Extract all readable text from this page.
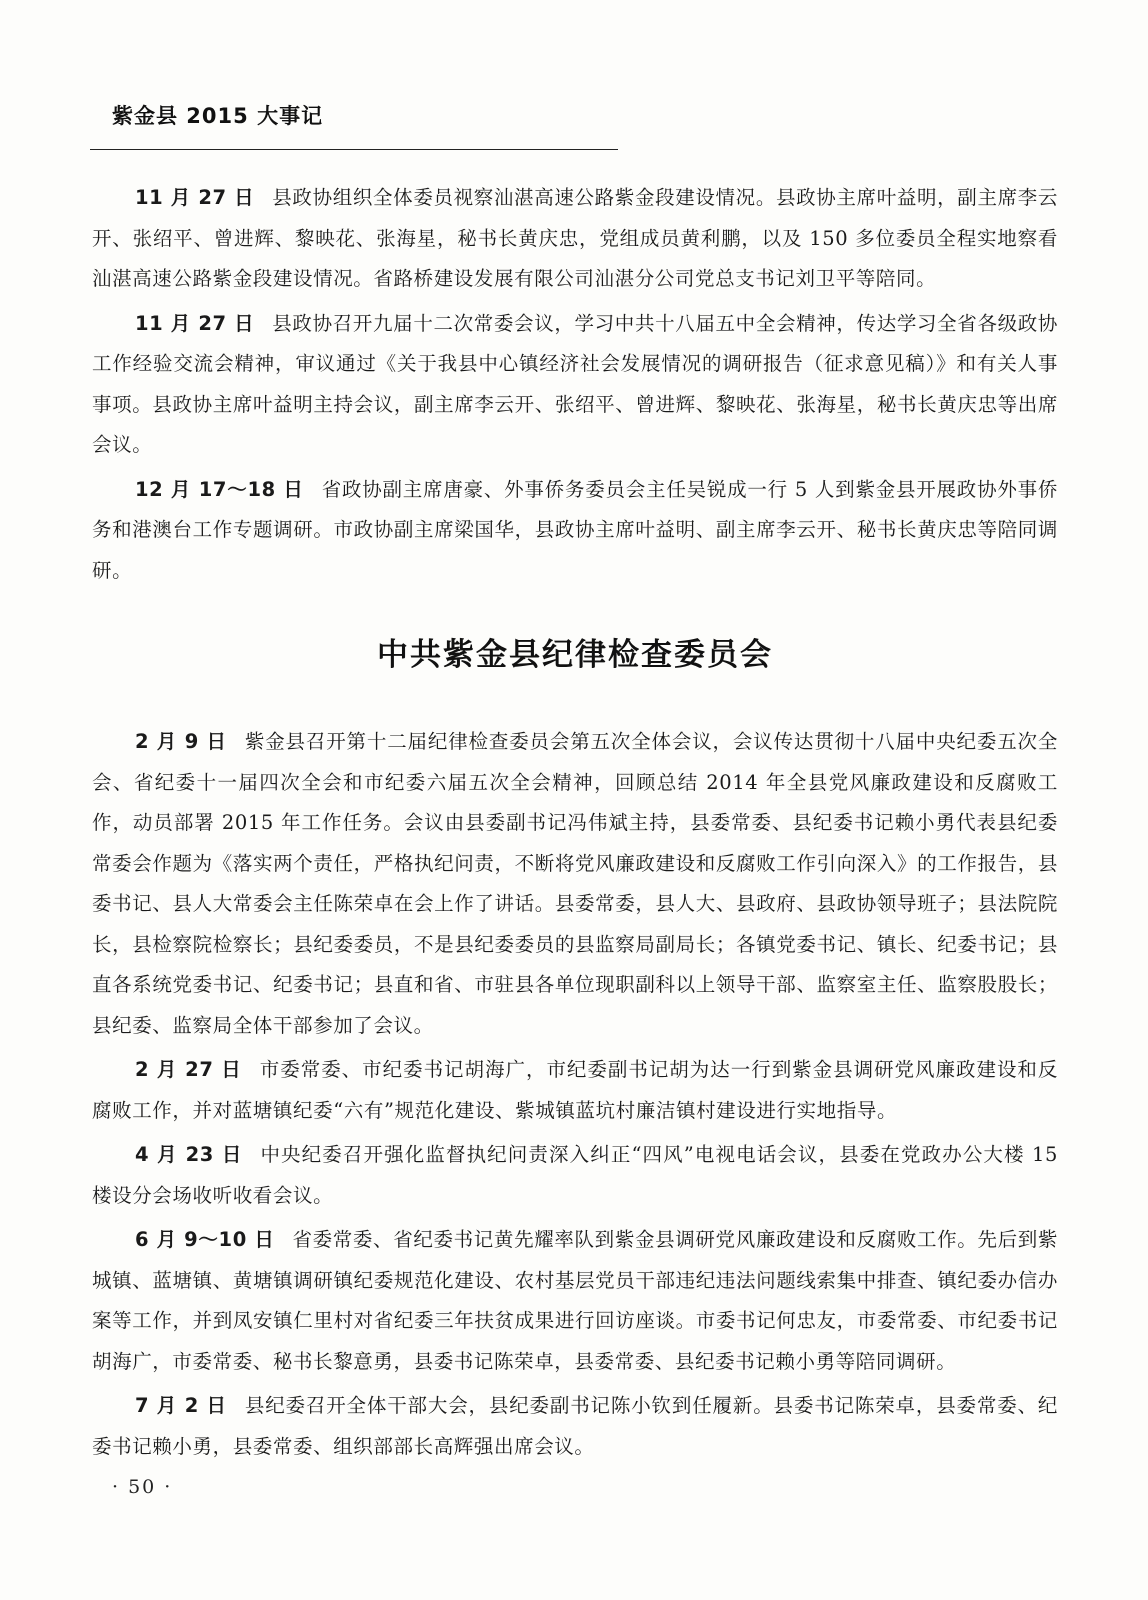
紫金县 2015 大事记

11 月 27 日 县政协组织全体委员视察汕湛高速公路紫金段建设情况。县政协主席叶益明，副主席李云开、张绍平、曾进辉、黎映花、张海星，秘书长黄庆忠，党组成员黄利鹏，以及 150 多位委员全程实地察看汕湛高速公路紫金段建设情况。省路桥建设发展有限公司汕湛分公司党总支书记刘卫平等陪同。

11 月 27 日 县政协召开九届十二次常委会议，学习中共十八届五中全会精神，传达学习全省各级政协工作经验交流会精神，审议通过《关于我县中心镇经济社会发展情况的调研报告（征求意见稿）》和有关人事事项。县政协主席叶益明主持会议，副主席李云开、张绍平、曾进辉、黎映花、张海星，秘书长黄庆忠等出席会议。

12 月 17～18 日 省政协副主席唐豪、外事侨务委员会主任吴锐成一行 5 人到紫金县开展政协外事侨务和港澳台工作专题调研。市政协副主席梁国华，县政协主席叶益明、副主席李云开、秘书长黄庆忠等陪同调研。

中共紫金县纪律检查委员会

2 月 9 日 紫金县召开第十二届纪律检查委员会第五次全体会议，会议传达贯彻十八届中央纪委五次全会、省纪委十一届四次全会和市纪委六届五次全会精神，回顾总结 2014 年全县党风廉政建设和反腐败工作，动员部署 2015 年工作任务。会议由县委副书记冯伟斌主持，县委常委、县纪委书记赖小勇代表县纪委常委会作题为《落实两个责任，严格执纪问责，不断将党风廉政建设和反腐败工作引向深入》的工作报告，县委书记、县人大常委会主任陈荣卓在会上作了讲话。县委常委，县人大、县政府、县政协领导班子；县法院院长，县检察院检察长；县纪委委员，不是县纪委委员的县监察局副局长；各镇党委书记、镇长、纪委书记；县直各系统党委书记、纪委书记；县直和省、市驻县各单位现职副科以上领导干部、监察室主任、监察股股长；县纪委、监察局全体干部参加了会议。

2 月 27 日 市委常委、市纪委书记胡海广，市纪委副书记胡为达一行到紫金县调研党风廉政建设和反腐败工作，并对蓝塘镇纪委“六有”规范化建设、紫城镇蓝坑村廉洁镇村建设进行实地指导。

4 月 23 日 中央纪委召开强化监督执纪问责深入纠正“四风”电视电话会议，县委在党政办公大楼 15 楼设分会场收听收看会议。

6 月 9～10 日 省委常委、省纪委书记黄先耀率队到紫金县调研党风廉政建设和反腐败工作。先后到紫城镇、蓝塘镇、黄塘镇调研镇纪委规范化建设、农村基层党员干部违纪违法问题线索集中排查、镇纪委办信办案等工作，并到凤安镇仁里村对省纪委三年扶贫成果进行回访座谈。市委书记何忠友，市委常委、市纪委书记胡海广，市委常委、秘书长黎意勇，县委书记陈荣卓，县委常委、县纪委书记赖小勇等陪同调研。

7 月 2 日 县纪委召开全体干部大会，县纪委副书记陈小钦到任履新。县委书记陈荣卓，县委常委、纪委书记赖小勇，县委常委、组织部部长高辉强出席会议。

· 50 ·
